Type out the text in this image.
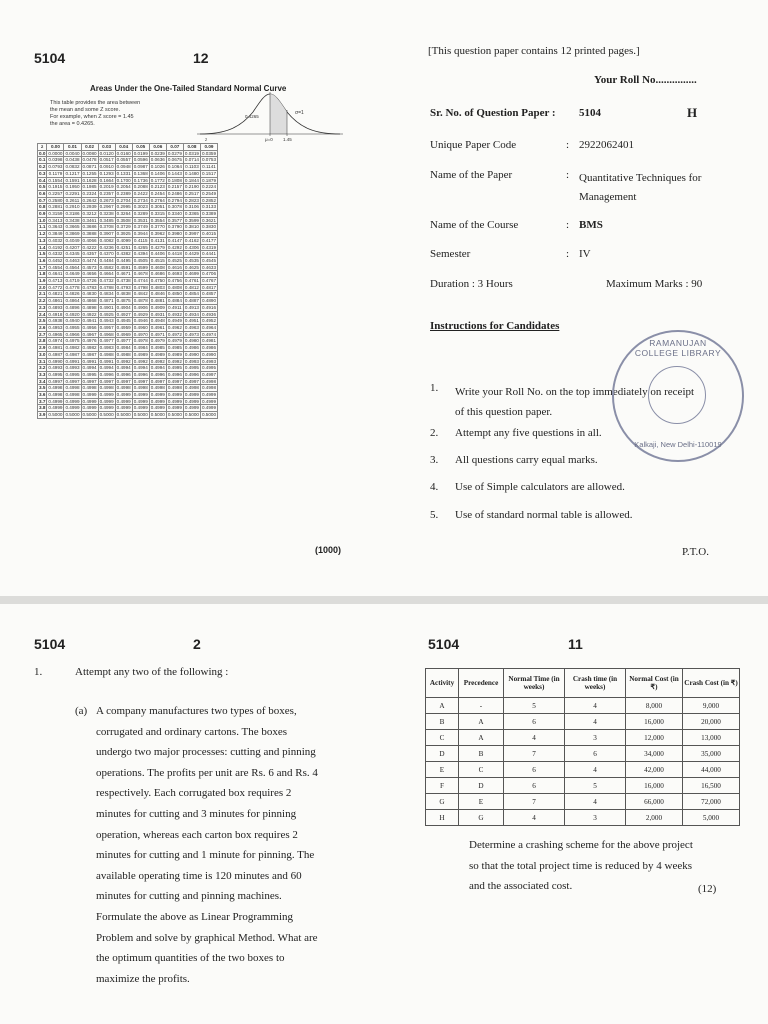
5104	12
Areas Under the One-Tailed Standard Normal Curve
This table provides the area between
the mean and some Z score.
For example, when Z score = 1.45
the area = 0.4265.
σ=1
0.4265
μ=0
z	1.45
z	0.00	0.01	0.02	0.03	0.04	0.05	0.06	0.07	0.08	0.09
0.0	0.0000	0.0040	0.0080	0.0120	0.0160	0.0199	0.0239	0.0279	0.0319	0.0359
0.1	0.0398	0.0438	0.0478	0.0517	0.0557	0.0596	0.0636	0.0675	0.0714	0.0753
0.2	0.0793	0.0832	0.0871	0.0910	0.0948	0.0987	0.1026	0.1064	0.1103	0.1141
0.3	0.1179	0.1217	0.1255	0.1293	0.1331	0.1368	0.1406	0.1443	0.1480	0.1517
0.4	0.1554	0.1591	0.1628	0.1664	0.1700	0.1736	0.1772	0.1808	0.1844	0.1879
0.5	0.1915	0.1950	0.1985	0.2019	0.2054	0.2088	0.2123	0.2157	0.2190	0.2224
0.6	0.2257	0.2291	0.2324	0.2357	0.2389	0.2422	0.2454	0.2486	0.2517	0.2549
0.7	0.2580	0.2611	0.2642	0.2673	0.2704	0.2734	0.2764	0.2794	0.2823	0.2852
0.8	0.2881	0.2910	0.2939	0.2967	0.2995	0.3023	0.3051	0.3078	0.3106	0.3133
0.9	0.3159	0.3186	0.3212	0.3238	0.3264	0.3289	0.3315	0.3340	0.3365	0.3389
1.0	0.3413	0.3438	0.3461	0.3485	0.3508	0.3531	0.3554	0.3577	0.3599	0.3621
1.1	0.3643	0.3665	0.3686	0.3708	0.3729	0.3749	0.3770	0.3790	0.3810	0.3830
1.2	0.3849	0.3869	0.3888	0.3907	0.3925	0.3944	0.3962	0.3980	0.3997	0.4015
1.3	0.4032	0.4049	0.4066	0.4082	0.4099	0.4115	0.4131	0.4147	0.4162	0.4177
1.4	0.4192	0.4207	0.4222	0.4236	0.4251	0.4265	0.4279	0.4292	0.4306	0.4319
1.5	0.4332	0.4345	0.4357	0.4370	0.4382	0.4394	0.4406	0.4418	0.4429	0.4441
1.6	0.4452	0.4463	0.4474	0.4484	0.4495	0.4505	0.4515	0.4525	0.4535	0.4545
1.7	0.4554	0.4564	0.4573	0.4582	0.4591	0.4599	0.4608	0.4616	0.4625	0.4633
1.8	0.4641	0.4649	0.4656	0.4664	0.4671	0.4678	0.4686	0.4693	0.4699	0.4706
1.9	0.4713	0.4719	0.4726	0.4732	0.4738	0.4744	0.4750	0.4756	0.4761	0.4767
2.0	0.4772	0.4778	0.4783	0.4788	0.4793	0.4798	0.4803	0.4808	0.4812	0.4817
2.1	0.4821	0.4826	0.4830	0.4834	0.4838	0.4842	0.4846	0.4850	0.4854	0.4857
2.2	0.4861	0.4864	0.4868	0.4871	0.4875	0.4878	0.4881	0.4884	0.4887	0.4890
2.3	0.4893	0.4896	0.4898	0.4901	0.4904	0.4906	0.4909	0.4911	0.4913	0.4916
2.4	0.4918	0.4920	0.4922	0.4925	0.4927	0.4929	0.4931	0.4932	0.4934	0.4936
2.5	0.4938	0.4940	0.4941	0.4943	0.4945	0.4946	0.4948	0.4949	0.4951	0.4952
2.6	0.4953	0.4955	0.4956	0.4957	0.4959	0.4960	0.4961	0.4962	0.4963	0.4964
2.7	0.4965	0.4966	0.4967	0.4968	0.4969	0.4970	0.4971	0.4972	0.4973	0.4974
2.8	0.4974	0.4975	0.4976	0.4977	0.4977	0.4978	0.4979	0.4979	0.4980	0.4981
2.9	0.4981	0.4982	0.4982	0.4983	0.4984	0.4984	0.4985	0.4985	0.4986	0.4986
3.0	0.4987	0.4987	0.4987	0.4988	0.4988	0.4989	0.4989	0.4989	0.4990	0.4990
3.1	0.4990	0.4991	0.4991	0.4991	0.4992	0.4992	0.4992	0.4992	0.4993	0.4993
3.2	0.4993	0.4993	0.4994	0.4994	0.4994	0.4994	0.4994	0.4995	0.4995	0.4995
3.3	0.4995	0.4995	0.4995	0.4996	0.4996	0.4996	0.4996	0.4996	0.4996	0.4997
3.4	0.4997	0.4997	0.4997	0.4997	0.4997	0.4997	0.4997	0.4997	0.4997	0.4998
3.5	0.4998	0.4998	0.4998	0.4998	0.4998	0.4998	0.4998	0.4998	0.4998	0.4998
3.6	0.4998	0.4998	0.4999	0.4999	0.4999	0.4999	0.4999	0.4999	0.4999	0.4999
3.7	0.4999	0.4999	0.4999	0.4999	0.4999	0.4999	0.4999	0.4999	0.4999	0.4999
3.8	0.4999	0.4999	0.4999	0.4999	0.4999	0.4999	0.4999	0.4999	0.4999	0.4999
3.9	0.5000	0.5000	0.5000	0.5000	0.5000	0.5000	0.5000	0.5000	0.5000	0.5000
(1000)
[This question paper contains 12 printed pages.]
Your Roll No...............
Sr. No. of Question Paper : 5104	H
Unique Paper Code	: 2922062401
Name of the Paper	: Quantitative Techniques for Management
Name of the Course	: BMS
Semester	: IV
Duration : 3 Hours	Maximum Marks : 90
Instructions for Candidates
1. Write your Roll No. on the top immediately on receipt of this question paper.
2. Attempt any five questions in all.
3. All questions carry equal marks.
4. Use of Simple calculators are allowed.
5. Use of standard normal table is allowed.
RAMANUJAN COLLEGE LIBRARY
Kalkaji, New Delhi-110019
P.T.O.
5104	2
1.	Attempt any two of the following :
(a) A company manufactures two types of boxes,
corrugated and ordinary cartons. The boxes
undergo two major processes: cutting and pinning
operations. The profits per unit are Rs. 6 and Rs. 4
respectively. Each corrugated box requires 2
minutes for cutting and 3 minutes for pinning
operation, whereas each carton box requires 2
minutes for cutting and 1 minute for pinning. The
available operating time is 120 minutes and 60
minutes for cutting and pinning machines.
Formulate the above as Linear Programming
Problem and solve by graphical Method. What are
the optimum quantities of the two boxes to
maximize the profits.
5104	11
Activity	Precedence	Normal Time (in weeks)	Crash time (in weeks)	Normal Cost (in ₹)	Crash Cost (in ₹)
A	-	5	4	8,000	9,000
B	A	6	4	16,000	20,000
C	A	4	3	12,000	13,000
D	B	7	6	34,000	35,000
E	C	6	4	42,000	44,000
F	D	6	5	16,000	16,500
G	E	7	4	66,000	72,000
H	G	4	3	2,000	5,000
Determine a crashing scheme for the above project
so that the total project time is reduced by 4 weeks
and the associated cost.	(12)
